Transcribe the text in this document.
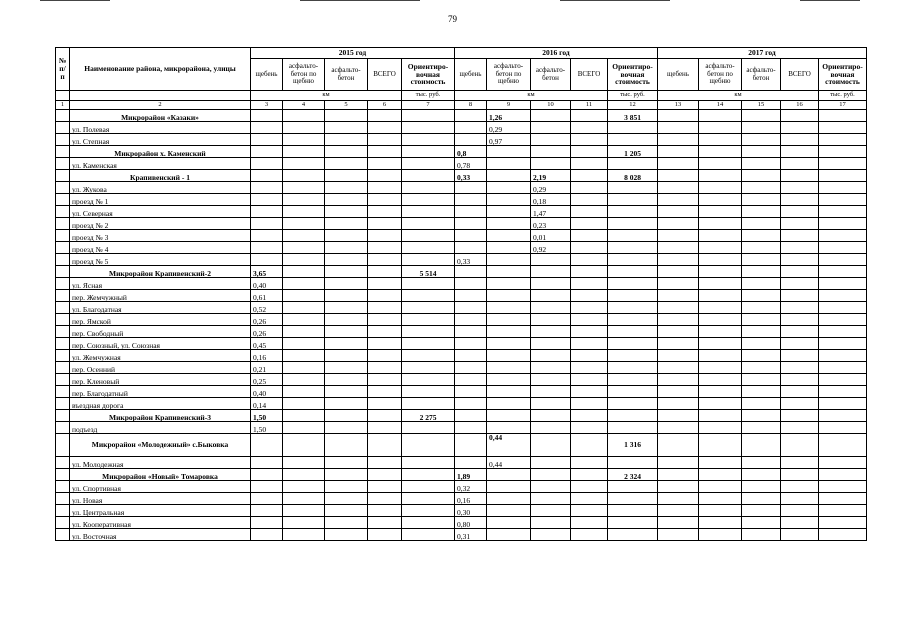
79
№ п/п	Наименование района, микрорайона, улицы	2015 год					2016 год					2017 год				
		щебень	асфальто-бетон по щебню	асфальто-бетон	ВСЕГО	Ориентиро-вочная стоимость	щебень	асфальто-бетон по щебню	асфальто-бетон	ВСЕГО	Ориентиро-вочная стоимость	щебень	асфальто-бетон по щебню	асфальто-бетон	ВСЕГО	Ориентиро-вочная стоимость
		км				тыс. руб.	км				тыс. руб.	км				тыс. руб.
1	2	3	4	5	6	7	8	9	10	11	12	13	14	15	16	17
	Микрорайон «Казаки»							1,26			3 851					
	ул. Полевая							0,29								
	ул. Степная							0,97								
	Микрорайон х. Каменский						0,8				1 205					
	ул. Каменская						0,78									
	Крапивенский - 1						0,33		2,19		8 028					
	ул. Жукова								0,29							
	проезд № 1								0,18							
	ул. Северная								1,47							
	проезд № 2								0,23							
	проезд № 3								0,01							
	проезд № 4								0,92							
	проезд № 5						0,33									
	Микрорайон Крапивенский-2	3,65				5 514										
	ул. Ясная	0,40														
	пер. Жемчужный	0,61														
	ул. Благодатная	0,52														
	пер. Ямской	0,26														
	пер. Свободный	0,26														
	пер. Союзный, ул. Союзная	0,45														
	ул. Жемчужная	0,16														
	пер. Осенний	0,21														
	пер. Кленовый	0,25														
	пер. Благодатный	0,40														
	въездная дорога	0,14														
	Микрорайон Крапивенский-3	1,50				2 275										
	подъезд	1,50														
	Микрорайон «Молодежный» с.Быковка							0,44			1 316					
	ул. Молодежная							0,44								
	Микрорайон «Новый» Томаровка						1,89				2 324					
	ул. Спортивная						0,32									
	ул. Новая						0,16									
	ул. Центральная						0,30									
	ул. Кооперативная						0,80									
	ул. Восточная						0,31									
